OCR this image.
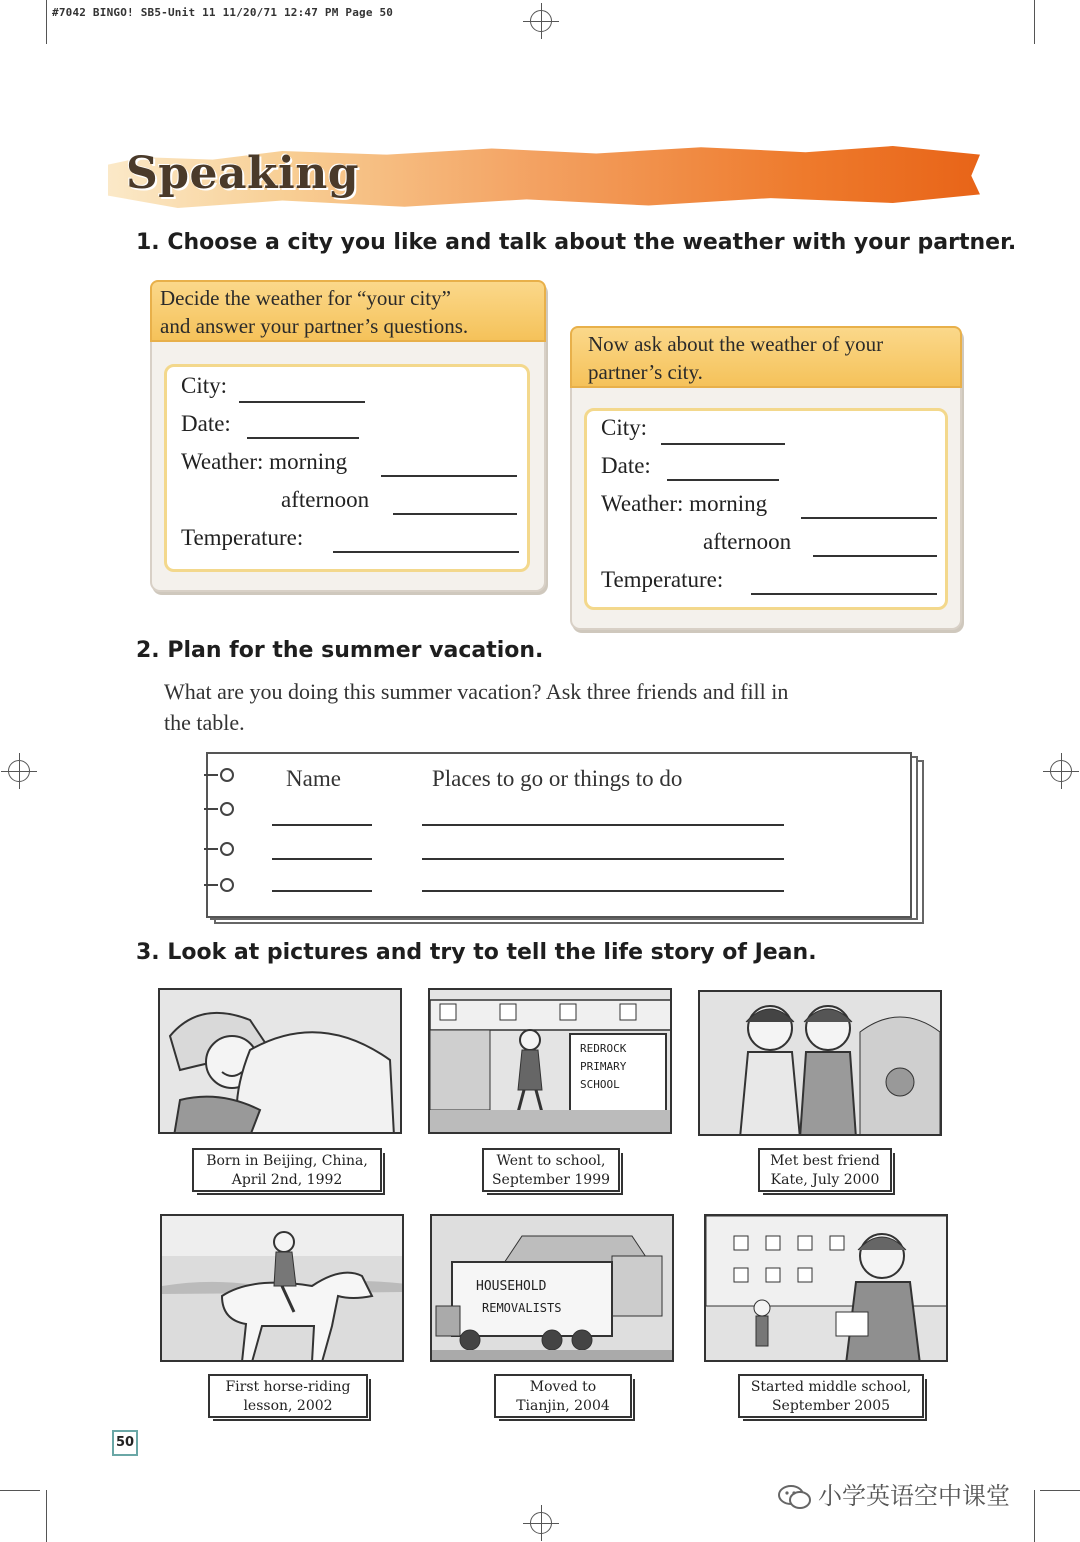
#7042 BINGO! SB5-Unit 11 11/20/71 12:47 PM Page 50
Speaking
1. Choose a city you like and talk about the weather with your partner.
Decide the weather for “your city”
and answer your partner’s questions.
City:
Date:
Weather: morning
afternoon
Temperature:
Now ask about the weather of your
partner’s city.
City:
Date:
Weather: morning
afternoon
Temperature:
2. Plan for the summer vacation.
What are you doing this summer vacation? Ask three friends and fill in
the table.
Name	Places to go or things to do
3. Look at pictures and try to tell the life story of Jean.
Born in Beijing, China,
April 2nd, 1992
REDROCK
PRIMARY
SCHOOL
Went to school,
September 1999
Met best friend
Kate, July 2000
First horse-riding
lesson, 2002
HOUSEHOLD
REMOVALISTS
Moved to
Tianjin, 2004
Started middle school,
September 2005
50
小学英语空中课堂
